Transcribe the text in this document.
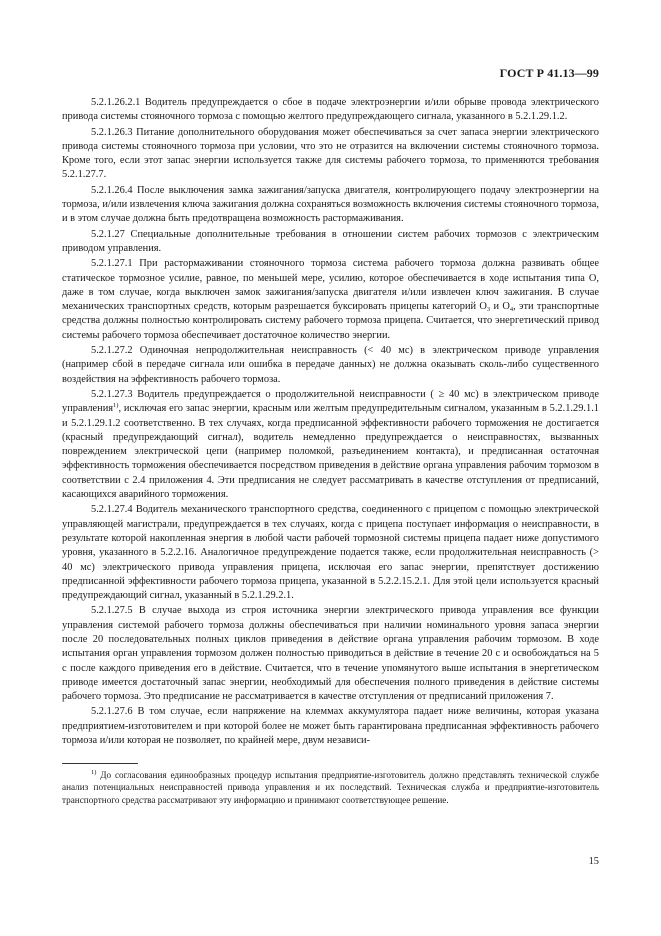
ГОСТ Р 41.13—99

5.2.1.26.2.1 Водитель предупреждается о сбое в подаче электроэнергии и/или обрыве провода электрического привода системы стояночного тормоза с помощью желтого предупреждающего сигнала, указанного в 5.2.1.29.1.2.

5.2.1.26.3 Питание дополнительного оборудования может обеспечиваться за счет запаса энергии электрического привода системы стояночного тормоза при условии, что это не отразится на включении системы стояночного тормоза. Кроме того, если этот запас энергии используется также для системы рабочего тормоза, то применяются требования 5.2.1.27.7.

5.2.1.26.4 После выключения замка зажигания/запуска двигателя, контролирующего подачу электроэнергии на тормоза, и/или извлечения ключа зажигания должна сохраняться возможность включения системы стояночного тормоза, и в этом случае должна быть предотвращена возможность растормаживания.

5.2.1.27 Специальные дополнительные требования в отношении систем рабочих тормозов с электрическим приводом управления.

5.2.1.27.1 При растормаживании стояночного тормоза система рабочего тормоза должна развивать общее статическое тормозное усилие, равное, по меньшей мере, усилию, которое обеспечивается в ходе испытания типа О, даже в том случае, когда выключен замок зажигания/запуска двигателя и/или извлечен ключ зажигания. В случае механических транспортных средств, которым разрешается буксировать прицепы категорий $O_3$ и $O_4$, эти транспортные средства должны полностью контролировать систему рабочего тормоза прицепа. Считается, что энергетический привод системы рабочего тормоза обеспечивает достаточное количество энергии.

5.2.1.27.2 Одиночная непродолжительная неисправность (< 40 мс) в электрическом приводе управления (например сбой в передаче сигнала или ошибка в передаче данных) не должна оказывать сколь-либо существенного воздействия на эффективность рабочего тормоза.

5.2.1.27.3 Водитель предупреждается о продолжительной неисправности ( ≥ 40 мс) в электрическом приводе управления$^{1)}$, исключая его запас энергии, красным или желтым предупредительным сигналом, указанным в 5.2.1.29.1.1 и 5.2.1.29.1.2 соответственно. В тех случаях, когда предписанной эффективности рабочего торможения не достигается (красный предупреждающий сигнал), водитель немедленно предупреждается о неисправностях, вызванных повреждением электрической цепи (например поломкой, разъединением контакта), и предписанная остаточная эффективность торможения обеспечивается посредством приведения в действие органа управления рабочим тормозом в соответствии с 2.4 приложения 4. Эти предписания не следует рассматривать в качестве отступления от предписаний, касающихся аварийного торможения.

5.2.1.27.4 Водитель механического транспортного средства, соединенного с прицепом с помощью электрической управляющей магистрали, предупреждается в тех случаях, когда с прицепа поступает информация о неисправности, в результате которой накопленная энергия в любой части рабочей тормозной системы прицепа падает ниже допустимого уровня, указанного в 5.2.2.16. Аналогичное предупреждение подается также, если продолжительная неисправность (> 40 мс) электрического привода управления прицепа, исключая его запас энергии, препятствует достижению предписанной эффективности рабочего тормоза прицепа, указанной в 5.2.2.15.2.1. Для этой цели используется красный предупреждающий сигнал, указанный в 5.2.1.29.2.1.

5.2.1.27.5 В случае выхода из строя источника энергии электрического привода управления все функции управления системой рабочего тормоза должны обеспечиваться при наличии номинального уровня запаса энергии после 20 последовательных полных циклов приведения в действие органа управления рабочим тормозом. В ходе испытания орган управления тормозом должен полностью приводиться в действие в течение 20 с и освобождаться на 5 с после каждого приведения его в действие. Считается, что в течение упомянутого выше испытания в энергетическом приводе имеется достаточный запас энергии, необходимый для обеспечения полного приведения в действие системы рабочего тормоза. Это предписание не рассматривается в качестве отступления от предписаний приложения 7.

5.2.1.27.6 В том случае, если напряжение на клеммах аккумулятора падает ниже величины, которая указана предприятием-изготовителем и при которой более не может быть гарантирована предписанная эффективность рабочего тормоза и/или которая не позволяет, по крайней мере, двум независи-

$^{1)}$ До согласования единообразных процедур испытания предприятие-изготовитель должно представлять технической службе анализ потенциальных неисправностей привода управления и их последствий. Техническая служба и предприятие-изготовитель транспортного средства рассматривают эту информацию и принимают соответствующее решение.
15
